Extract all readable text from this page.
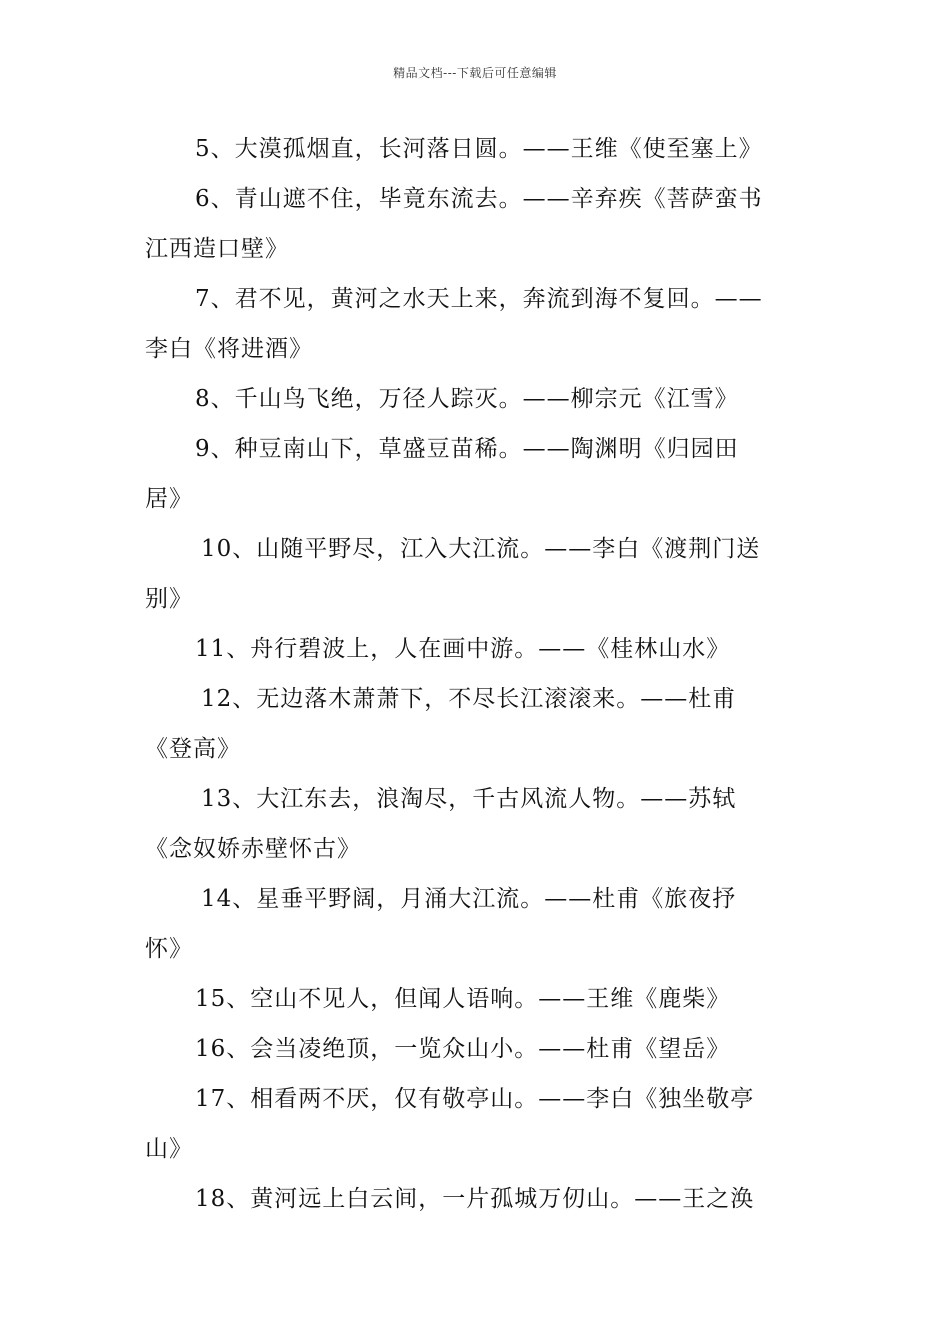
精品文档---下载后可任意编辑
5、大漠孤烟直，长河落日圆。——王维《使至塞上》
6、青山遮不住，毕竟东流去。——辛弃疾《菩萨蛮书
江西造口壁》
7、君不见，黄河之水天上来，奔流到海不复回。——
李白《将进酒》
8、千山鸟飞绝，万径人踪灭。——柳宗元《江雪》
9、种豆南山下，草盛豆苗稀。——陶渊明《归园田
居》
10、山随平野尽，江入大江流。——李白《渡荆门送
别》
11、舟行碧波上，人在画中游。——《桂林山水》
12、无边落木萧萧下，不尽长江滚滚来。——杜甫
《登高》
13、大江东去，浪淘尽，千古风流人物。——苏轼
《念奴娇赤壁怀古》
14、星垂平野阔，月涌大江流。——杜甫《旅夜抒
怀》
15、空山不见人，但闻人语响。——王维《鹿柴》
16、会当凌绝顶，一览众山小。——杜甫《望岳》
17、相看两不厌，仅有敬亭山。——李白《独坐敬亭
山》
18、黄河远上白云间，一片孤城万仞山。——王之涣
